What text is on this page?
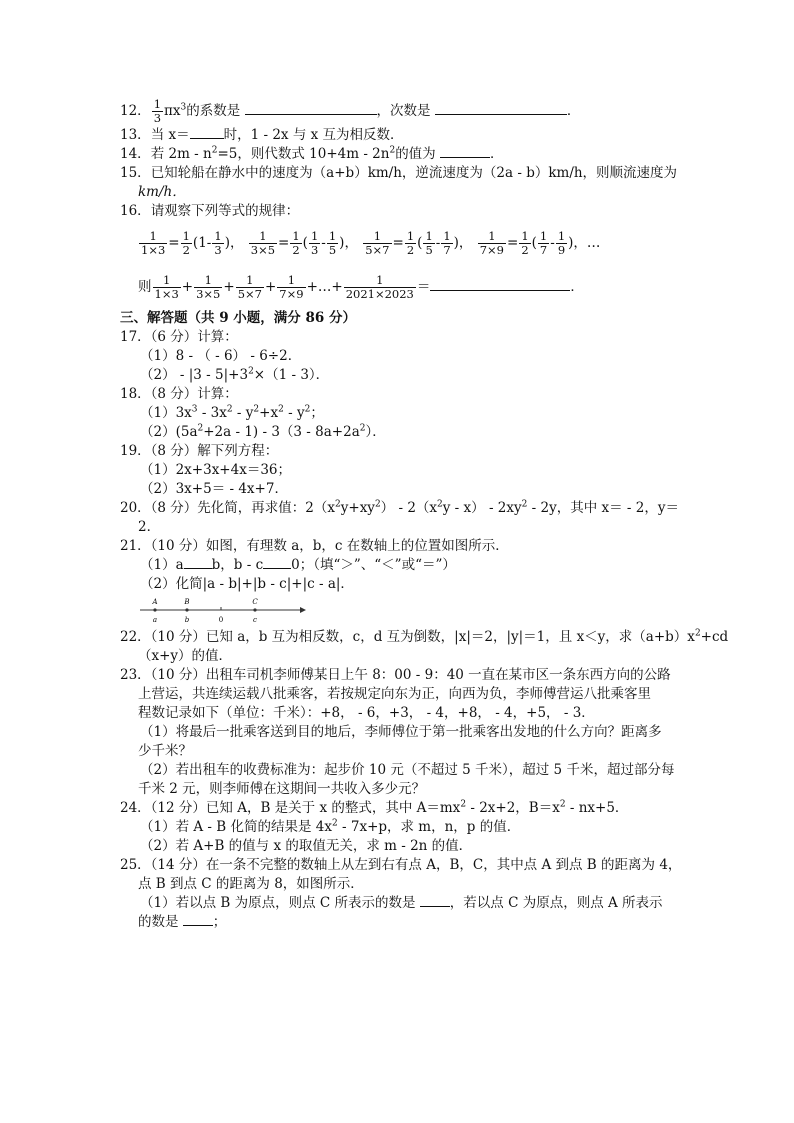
12． $\frac{1}{3} \pi x^3$的系数是	，次数是	．
13．当 x＝	时，1 - 2x 与 x 互为相反数．
14．若 $2m - n^2=5$，则代数式 $10+4m - 2n^2$的值为	．
15．已知轮船在静水中的速度为（a+b）km/h，逆流速度为（2a - b）km/h，则顺流速度为
km/h．
16．请观察下列等式的规律：
$\frac{1}{1\times 3} = \frac{1}{2} (1- \frac{1}{3}$ )， $\frac{1}{3\times 5} = \frac{1}{2}$ ( $\frac{1}{3} - \frac{1}{5}$ )， $\frac{1}{5\times 7} = \frac{1}{2}$ ( $\frac{1}{5} - \frac{1}{7}$ )， $\frac{1}{7\times 9} = \frac{1}{2}$ ( $\frac{1}{7} - \frac{1}{9}$ )，…
则 $\frac{1}{1\times 3} + \frac{1}{3\times 5} + \frac{1}{5\times 7} + \frac{1}{7\times 9}$ +…+ $\frac{1}{2021\times 2023}$ ＝	．
三、解答题（共 9 小题，满分 86 分）
17．（6 分）计算：
（1）8 - （ - 6） - 6÷2．
$(2) - |3 - 5|+3^2\times(1 - 3)$．
18．（8 分）计算：
$(1)3x^3 - 3x^2 - y^2+x^2 - y^2$；
$(2)(5a^2+2a - 1) - 3(3 - 8a+2a^2)$．
19．（8 分）解下列方程：
（1）2x+3x+4x＝36；
（2）3x+5＝ - 4x+7．
20．（8 分）先化简，再求值：$2(x^2y+xy^2) - 2(x^2y - x) - 2xy^2 - 2y$，其中 x＝ - 2，y＝
2．
21．（10 分）如图，有理数 a，b，c 在数轴上的位置如图所示．
（1）a b，b - c 0；（填“＞”、“＜”或“＝”）
（2）化简|a - b|+|b - c|+|c - a|．
A	B	C
a	b	0	c
22．（10 分）已知 a，b 互为相反数，c，d 互为倒数，|x|＝2，|y|＝1，且 x＜y，求$(a+b)x^2+cd$
（x+y）的值．
23．（10 分）出租车司机李师傅某日上午 8：00 - 9：40 一直在某市区一条东西方向的公路
上营运，共连续运载八批乘客，若按规定向东为正，向西为负，李师傅营运八批乘客里
程数记录如下（单位：千米）：+8， - 6，+3， - 4，+8， - 4，+5， - 3．
（1）将最后一批乘客送到目的地后，李师傅位于第一批乘客出发地的什么方向？距离多
少千米？
（2）若出租车的收费标准为：起步价 10 元（不超过 5 千米），超过 5 千米，超过部分每
千米 2 元，则李师傅在这期间一共收入多少元？
24．（12 分）已知 A，B 是关于 x 的整式，其中 $A=mx^2 - 2x+2$，$B=x^2 - nx+5$．
（1）若 A - B 化简的结果是 $4x^2 - 7x+p$，求 m，n，p 的值．
（2）若 A+B 的值与 x 的取值无关，求 m - 2n 的值．
25．（14 分）在一条不完整的数轴上从左到右有点 A，B，C，其中点 A 到点 B 的距离为 4，
点 B 到点 C 的距离为 8，如图所示．
（1）若以点 B 为原点，则点 C 所表示的数是 ，若以点 C 为原点，则点 A 所表示
的数是 ；
